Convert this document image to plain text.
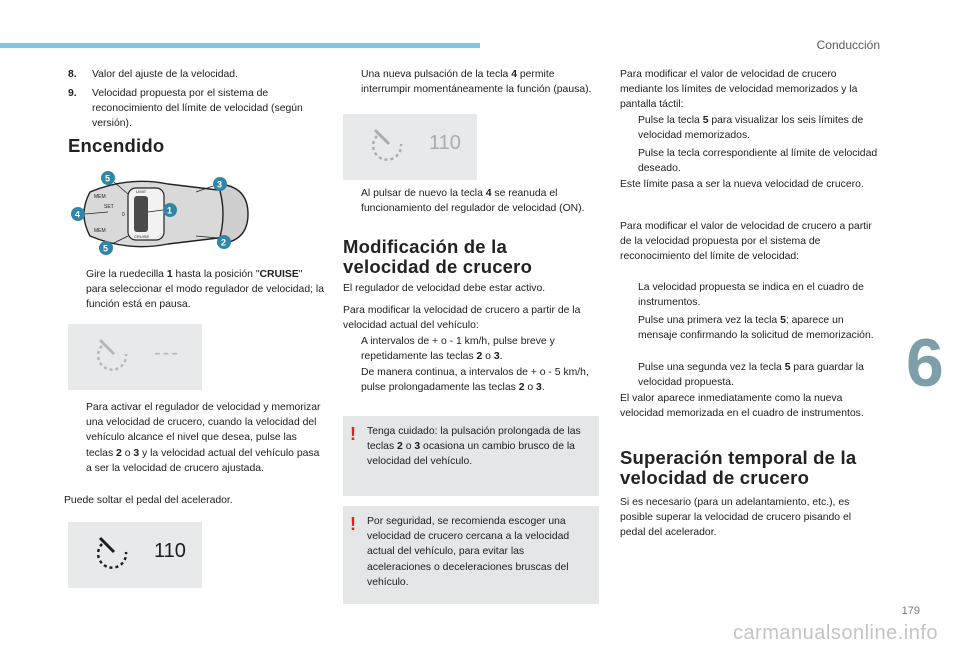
Conducción
8.	Valor del ajuste de la velocidad.
9.	Velocidad propuesta por el sistema de reconocimiento del límite de velocidad (según versión).
Encendido
MEM
SET
MEM
LIMIT
CRUISE
0
5
3
4	1
5
2
Gire la ruedecilla 1 hasta la posición "CRUISE" para seleccionar el modo regulador de velocidad; la función está en pausa.
---
Para activar el regulador de velocidad y memorizar una velocidad de crucero, cuando la velocidad del vehículo alcance el nivel que desea, pulse las teclas 2 o 3 y la velocidad actual del vehículo pasa a ser la velocidad de crucero ajustada.
Puede soltar el pedal del acelerador.
110
Una nueva pulsación de la tecla 4 permite interrumpir momentáneamente la función (pausa).
110
Al pulsar de nuevo la tecla 4 se reanuda el funcionamiento del regulador de velocidad (ON).
Modificación de la velocidad de crucero
El regulador de velocidad debe estar activo.
Para modificar la velocidad de crucero a partir de la velocidad actual del vehículo:
A intervalos de + o - 1 km/h, pulse breve y repetidamente las teclas 2 o 3.
De manera continua, a intervalos de + o - 5 km/h, pulse prolongadamente las teclas 2 o 3.
! Tenga cuidado: la pulsación prolongada de las teclas 2 o 3 ocasiona un cambio brusco de la velocidad del vehículo.
! Por seguridad, se recomienda escoger una velocidad de crucero cercana a la velocidad actual del vehículo, para evitar las aceleraciones o deceleraciones bruscas del vehículo.
Para modificar el valor de velocidad de crucero mediante los límites de velocidad memorizados y la pantalla táctil:
Pulse la tecla 5 para visualizar los seis límites de velocidad memorizados.
Pulse la tecla correspondiente al límite de velocidad deseado.
Este límite pasa a ser la nueva velocidad de crucero.
Para modificar el valor de velocidad de crucero a partir de la velocidad propuesta por el sistema de reconocimiento del límite de velocidad:
La velocidad propuesta se indica en el cuadro de instrumentos.
Pulse una primera vez la tecla 5; aparece un mensaje confirmando la solicitud de memorización.
Pulse una segunda vez la tecla 5 para guardar la velocidad propuesta.
El valor aparece inmediatamente como la nueva velocidad memorizada en el cuadro de instrumentos.
Superación temporal de la velocidad de crucero
Si es necesario (para un adelantamiento, etc.), es posible superar la velocidad de crucero pisando el pedal del acelerador.
6
179
carmanualsonline.info
